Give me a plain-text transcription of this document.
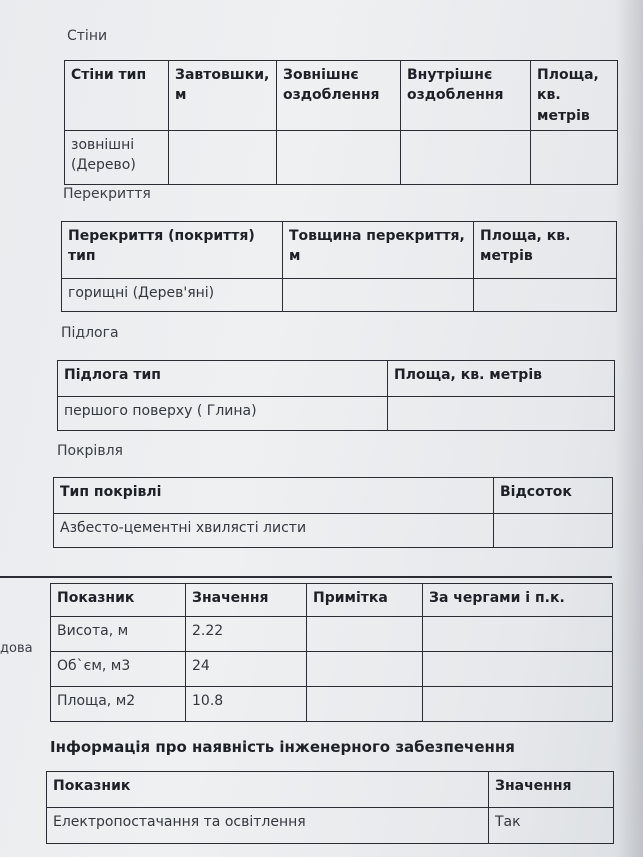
Стіни
Стіни тип	Завтовшки, м	Зовнішнє оздоблення	Внутрішнє оздоблення	Площа, кв. метрів
зовнішні (Дерево)				
Перекриття
Перекриття (покриття) тип	Товщина перекриття, м	Площа, кв. метрів
горищні (Дерев'яні)		
Підлога
Підлога тип	Площа, кв. метрів
першого поверху ( Глина)	
Покрівля
Тип покрівлі	Відсоток
Азбесто-цементні хвилясті листи	
дова
Показник	Значення	Примітка	За чергами і п.к.
Висота, м	2.22		
Об`єм, м3	24		
Площа, м2	10.8		
Інформація про наявність інженерного забезпечення
Показник	Значення
Електропостачання та освітлення	Так
